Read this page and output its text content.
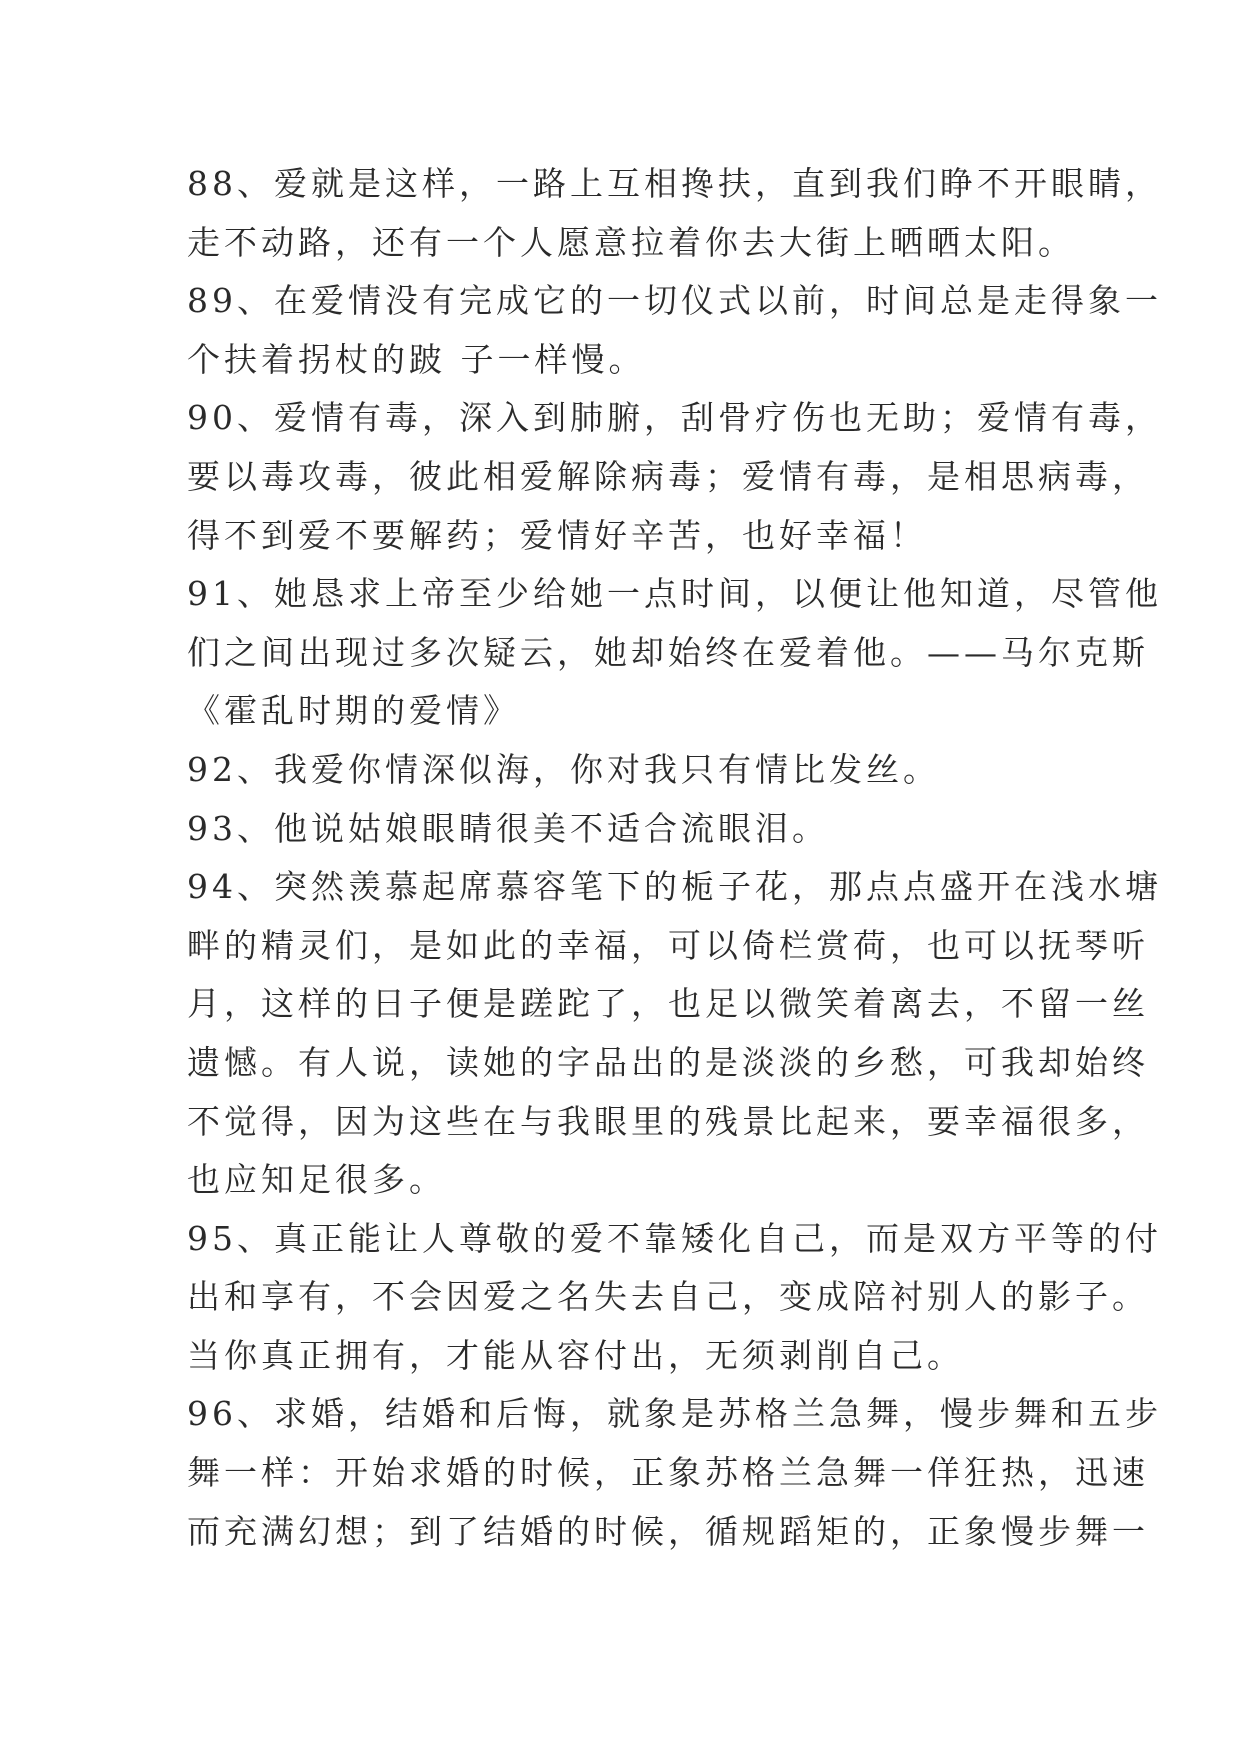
88、爱就是这样，一路上互相搀扶，直到我们睁不开眼睛，
走不动路，还有一个人愿意拉着你去大街上晒晒太阳。
89、在爱情没有完成它的一切仪式以前，时间总是走得象一
个扶着拐杖的跛 子一样慢。
90、爱情有毒，深入到肺腑，刮骨疗伤也无助；爱情有毒，
要以毒攻毒，彼此相爱解除病毒；爱情有毒，是相思病毒，
得不到爱不要解药；爱情好辛苦，也好幸福！
91、她恳求上帝至少给她一点时间，以便让他知道，尽管他
们之间出现过多次疑云，她却始终在爱着他。——马尔克斯
《霍乱时期的爱情》
92、我爱你情深似海，你对我只有情比发丝。
93、他说姑娘眼睛很美不适合流眼泪。
94、突然羡慕起席慕容笔下的栀子花，那点点盛开在浅水塘
畔的精灵们，是如此的幸福，可以倚栏赏荷，也可以抚琴听
月，这样的日子便是蹉跎了，也足以微笑着离去，不留一丝
遗憾。有人说，读她的字品出的是淡淡的乡愁，可我却始终
不觉得，因为这些在与我眼里的残景比起来，要幸福很多，
也应知足很多。
95、真正能让人尊敬的爱不靠矮化自己，而是双方平等的付
出和享有，不会因爱之名失去自己，变成陪衬别人的影子。
当你真正拥有，才能从容付出，无须剥削自己。
96、求婚，结婚和后悔，就象是苏格兰急舞，慢步舞和五步
舞一样：开始求婚的时候，正象苏格兰急舞一佯狂热，迅速
而充满幻想；到了结婚的时候，循规蹈矩的，正象慢步舞一
